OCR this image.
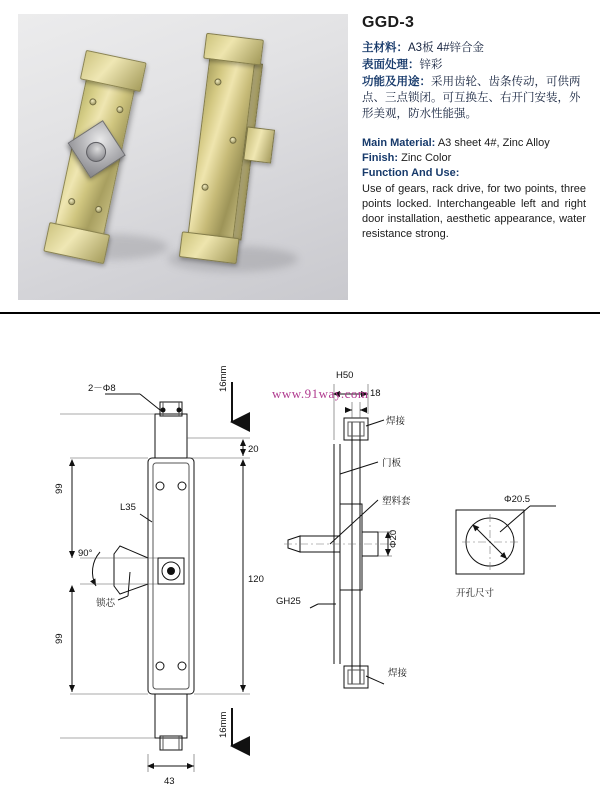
GGD-3
主材料：A3板 4#锌合金
表面处理：锌彩
功能及用途：采用齿轮、齿条传动，可供两点、三点锁闭。可互换左、右开门安装，外形美观，防水性能强。
Main Material: A3 sheet 4#, Zinc Alloy
Finish: Zinc Color
Function And Use:
Use of gears, rack drive, for two points, three points locked. Interchangeable left and right door installation, aesthetic appearance, water resistance strong.
www.91way.com
2－Φ8
99
99
20
120
43
L35
90°
锁芯
16mm
16mm
H50
18
焊接
门板
塑料套
Φ20
GH25
焊接
Φ20.5
开孔尺寸
